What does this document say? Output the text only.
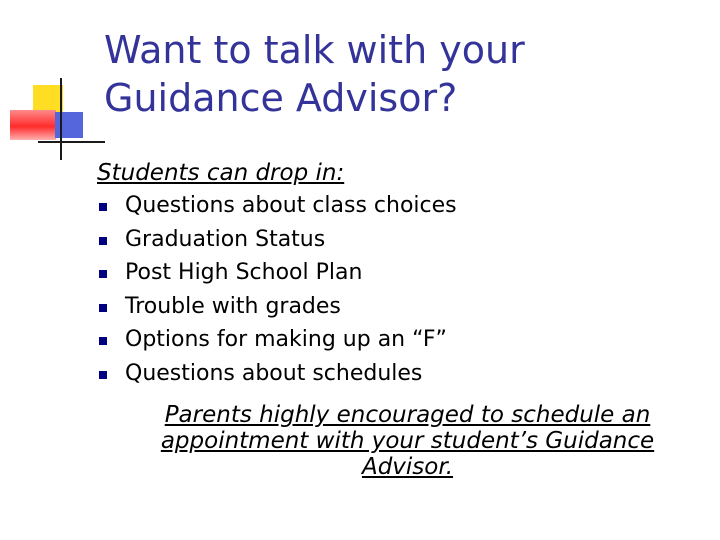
Want to talk with your
Guidance Advisor?
Students can drop in:
Questions about class choices
Graduation Status
Post High School Plan
Trouble with grades
Options for making up an “F”
Questions about schedules
Parents highly encouraged to schedule an
appointment with your student’s Guidance
Advisor.
